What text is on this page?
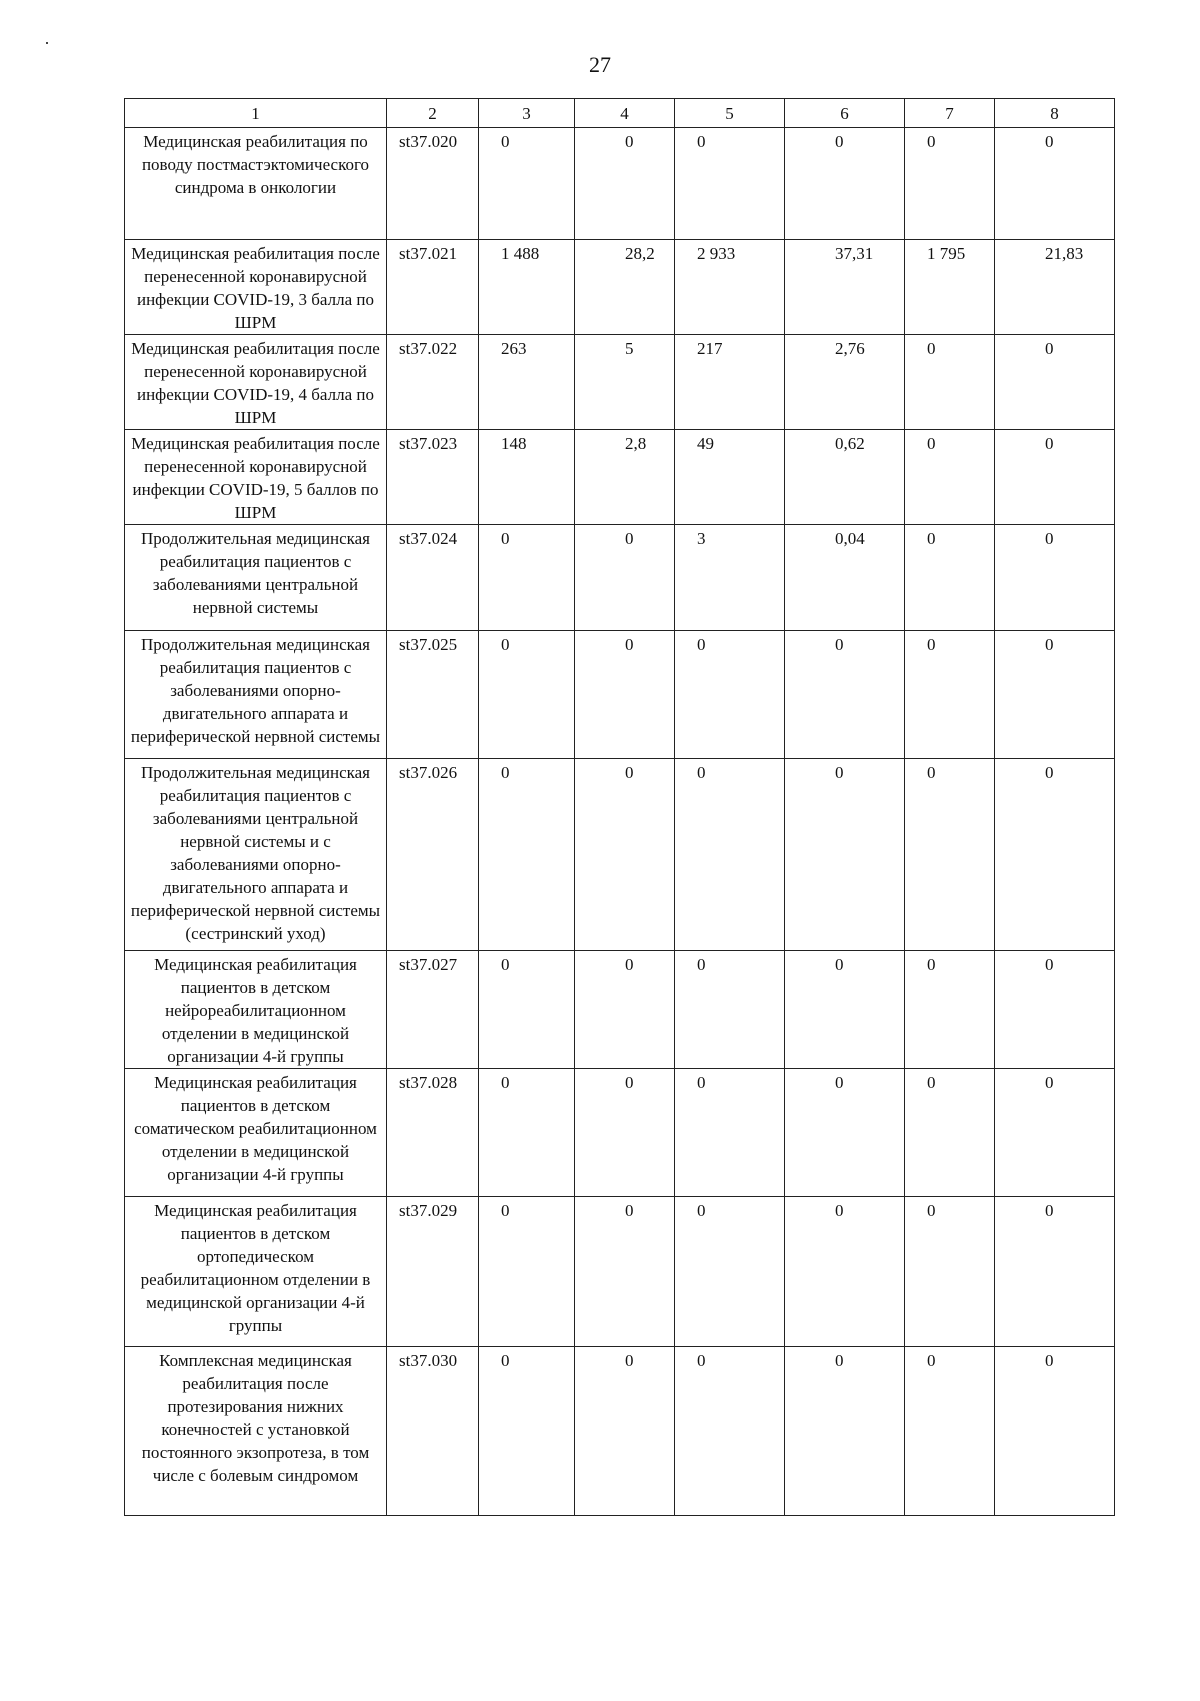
27
1	2	3	4	5	6	7	8
Медицинская реабилитация по поводу постмастэктомического синдрома в онкологии	st37.020	0	0	0	0	0	0
Медицинская реабилитация после перенесенной коронавирусной инфекции COVID-19, 3 балла по ШРМ	st37.021	1 488	28,2	2 933	37,31	1 795	21,83
Медицинская реабилитация после перенесенной коронавирусной инфекции COVID-19, 4 балла по ШРМ	st37.022	263	5	217	2,76	0	0
Медицинская реабилитация после перенесенной коронавирусной инфекции COVID-19, 5 баллов по ШРМ	st37.023	148	2,8	49	0,62	0	0
Продолжительная медицинская реабилитация пациентов с заболеваниями центральной нервной системы	st37.024	0	0	3	0,04	0	0
Продолжительная медицинская реабилитация пациентов с заболеваниями опорно-двигательного аппарата и периферической нервной системы	st37.025	0	0	0	0	0	0
Продолжительная медицинская реабилитация пациентов с заболеваниями центральной нервной системы и с заболеваниями опорно-двигательного аппарата и периферической нервной системы (сестринский уход)	st37.026	0	0	0	0	0	0
Медицинская реабилитация пациентов в детском нейрореабилитационном отделении в медицинской организации 4-й группы	st37.027	0	0	0	0	0	0
Медицинская реабилитация пациентов в детском соматическом реабилитационном отделении в медицинской организации 4-й группы	st37.028	0	0	0	0	0	0
Медицинская реабилитация пациентов в детском ортопедическом реабилитационном отделении в медицинской организации 4-й группы	st37.029	0	0	0	0	0	0
Комплексная медицинская реабилитация после протезирования нижних конечностей с установкой постоянного экзопротеза, в том числе с болевым синдромом	st37.030	0	0	0	0	0	0
